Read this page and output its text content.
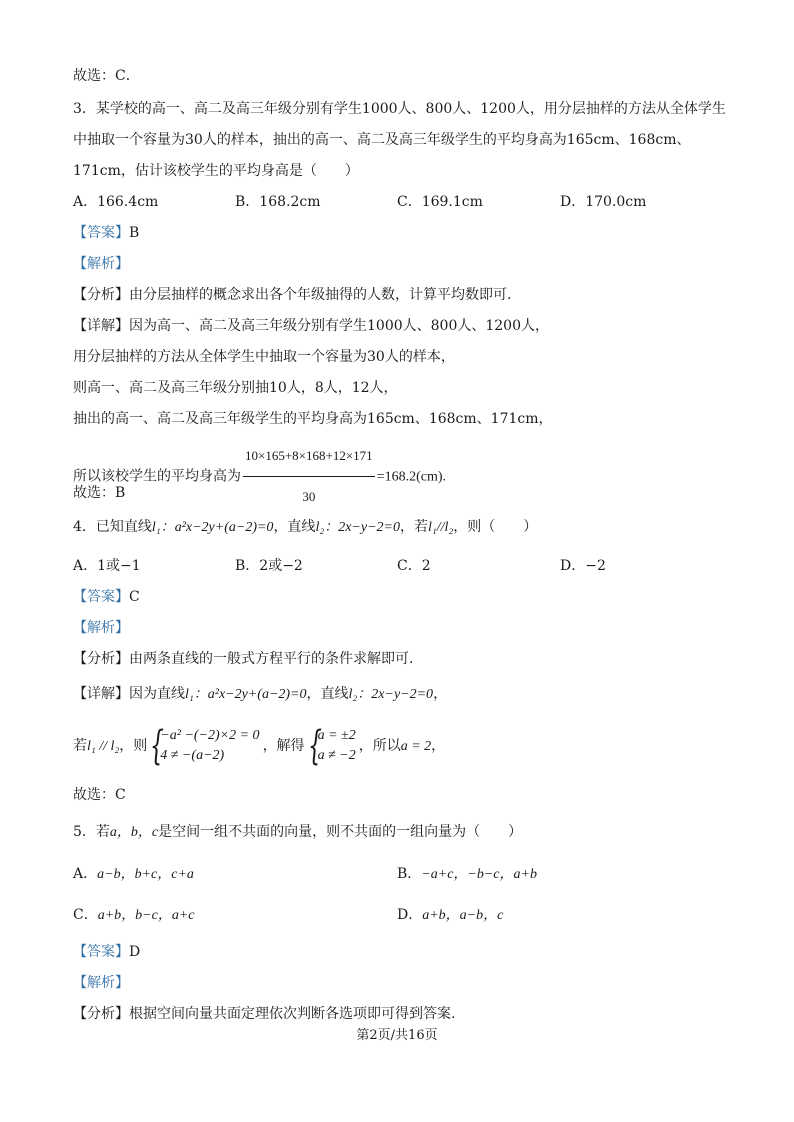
故选：C．
3．某学校的高一、高二及高三年级分别有学生1000人、800人、1200人，用分层抽样的方法从全体学生
中抽取一个容量为30人的样本，抽出的高一、高二及高三年级学生的平均身高为165cm、168cm、
171cm，估计该校学生的平均身高是（　　）
A．166.4cm	B．168.2cm	C．169.1cm	D．170.0cm
【答案】B
【解析】
【分析】由分层抽样的概念求出各个年级抽得的人数，计算平均数即可.
【详解】因为高一、高二及高三年级分别有学生1000人、800人、1200人，
用分层抽样的方法从全体学生中抽取一个容量为30人的样本，
则高一、高二及高三年级分别抽10人，8人，12人，
抽出的高一、高二及高三年级学生的平均身高为165cm、168cm、171cm，
所以该校学生的平均身高为 $\frac{10\times 165+8\times 168+12\times 171}{30} =168.2(cm)$.
故选：B
4．已知直线l₁：a²x−2y+(a−2)=0，直线l₂：2x−y−2=0，若l₁//l₂，则（　　）
A．1或−1	B．2或−2	C．2	D．−2
【答案】C
【解析】
【分析】由两条直线的一般式方程平行的条件求解即可.
【详解】因为直线l₁：a²x−2y+(a−2)=0，直线l₂：2x−y−2=0，
若l₁ // l₂，则 {
−a² −(−2)×2 = 0
4 ≠ −(a−2)
，解得 {
a = ±2
a ≠ −2
，所以a = 2，
故选：C
5．若a，b，c是空间一组不共面的向量，则不共面的一组向量为（　　）
A．a−b，b+c，c+a	B．−a+c，−b−c，a+b
C．a+b，b−c，a+c	D．a+b，a−b，c
【答案】D
【解析】
【分析】根据空间向量共面定理依次判断各选项即可得到答案.
第2页/共16页
